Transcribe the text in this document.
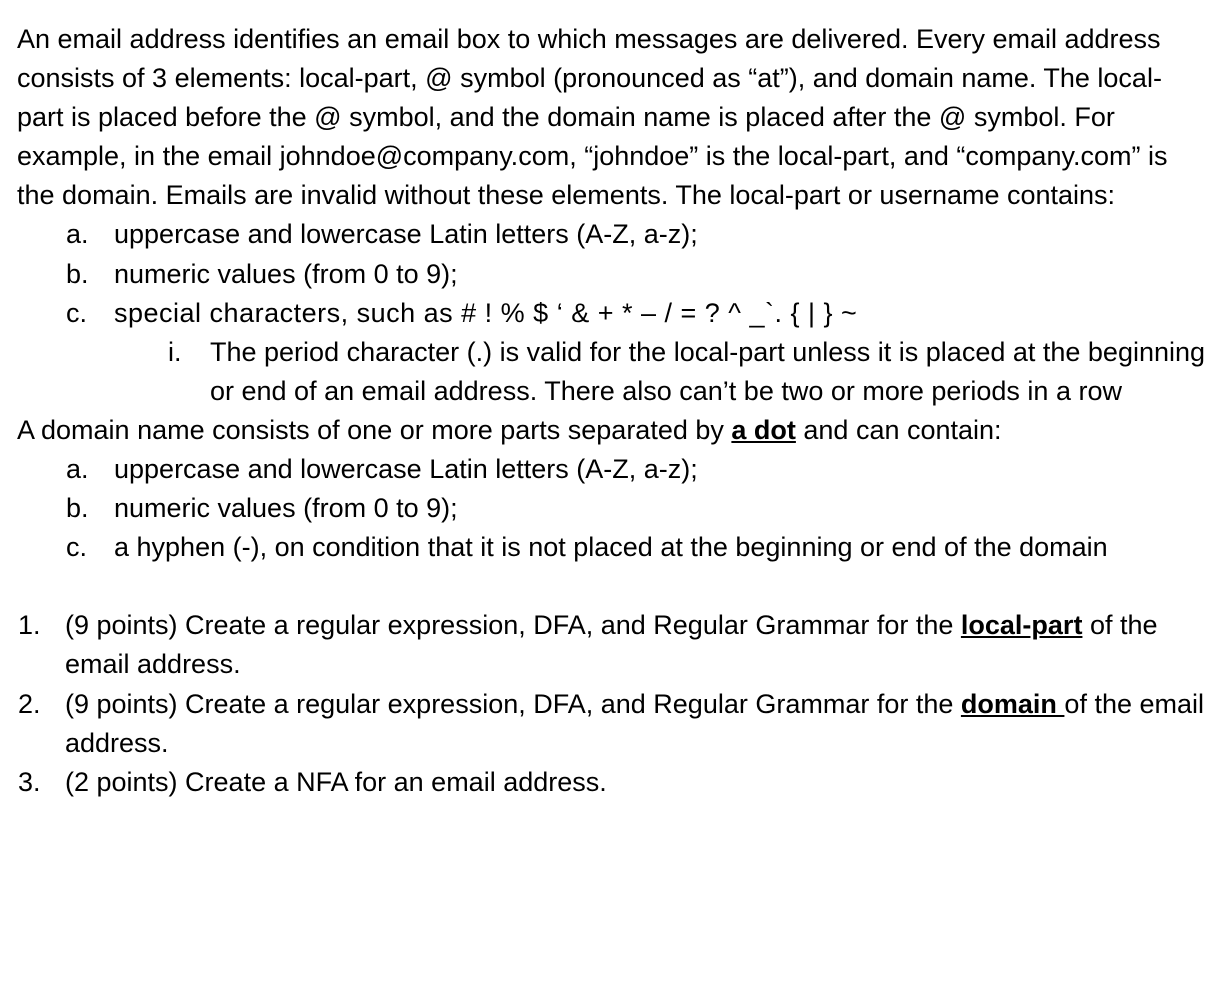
An email address identifies an email box to which messages are delivered. Every email address consists of 3 elements: local-part, @ symbol (pronounced as “at”), and domain name. The local-part is placed before the @ symbol, and the domain name is placed after the @ symbol. For example, in the email johndoe@company.com, “johndoe” is the local-part, and “company.com” is the domain. Emails are invalid without these elements. The local-part or username contains:

a. uppercase and lowercase Latin letters (A-Z, a-z);
b. numeric values (from 0 to 9);
c. special characters, such as # ! % $ ‘ & + * – / = ? ^ _`. { | } ~
i. The period character (.) is valid for the local-part unless it is placed at the beginning or end of an email address. There also can’t be two or more periods in a row

A domain name consists of one or more parts separated by a dot and can contain:

a. uppercase and lowercase Latin letters (A-Z, a-z);
b. numeric values (from 0 to 9);
c. a hyphen (-), on condition that it is not placed at the beginning or end of the domain
1. (9 points) Create a regular expression, DFA, and Regular Grammar for the local-part of the email address.
2. (9 points) Create a regular expression, DFA, and Regular Grammar for the domain of the email address.
3. (2 points) Create a NFA for an email address.
